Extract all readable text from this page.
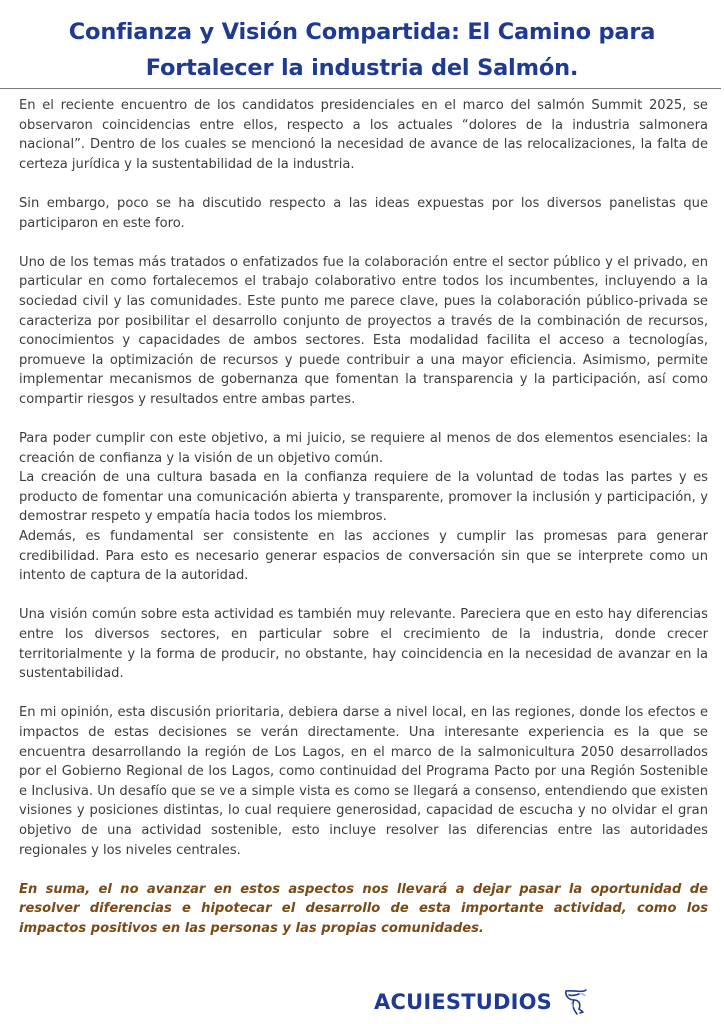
Confianza y Visión Compartida: El Camino para Fortalecer la industria del Salmón.

En el reciente encuentro de los candidatos presidenciales en el marco del salmón Summit 2025, se observaron coincidencias entre ellos, respecto a los actuales “dolores de la industria salmonera nacional”. Dentro de los cuales se mencionó la necesidad de avance de las relocalizaciones, la falta de certeza jurídica y la sustentabilidad de la industria.

Sin embargo, poco se ha discutido respecto a las ideas expuestas por los diversos panelistas que participaron en este foro.

Uno de los temas más tratados o enfatizados fue la colaboración entre el sector público y el privado, en particular en como fortalecemos el trabajo colaborativo entre todos los incumbentes, incluyendo a la sociedad civil y las comunidades. Este punto me parece clave, pues la colaboración público-privada se caracteriza por posibilitar el desarrollo conjunto de proyectos a través de la combinación de recursos, conocimientos y capacidades de ambos sectores. Esta modalidad facilita el acceso a tecnologías, promueve la optimización de recursos y puede contribuir a una mayor eficiencia. Asimismo, permite implementar mecanismos de gobernanza que fomentan la transparencia y la participación, así como compartir riesgos y resultados entre ambas partes.

Para poder cumplir con este objetivo, a mi juicio, se requiere al menos de dos elementos esenciales: la creación de confianza y la visión de un objetivo común.

La creación de una cultura basada en la confianza requiere de la voluntad de todas las partes y es producto de fomentar una comunicación abierta y transparente, promover la inclusión y participación, y demostrar respeto y empatía hacia todos los miembros.

Además, es fundamental ser consistente en las acciones y cumplir las promesas para generar credibilidad. Para esto es necesario generar espacios de conversación sin que se interprete como un intento de captura de la autoridad.

Una visión común sobre esta actividad es también muy relevante. Pareciera que en esto hay diferencias entre los diversos sectores, en particular sobre el crecimiento de la industria, donde crecer territorialmente y la forma de producir, no obstante, hay coincidencia en la necesidad de avanzar en la sustentabilidad.

En mi opinión, esta discusión prioritaria, debiera darse a nivel local, en las regiones, donde los efectos e impactos de estas decisiones se verán directamente. Una interesante experiencia es la que se encuentra desarrollando la región de Los Lagos, en el marco de la salmonicultura 2050 desarrollados por el Gobierno Regional de los Lagos, como continuidad del Programa Pacto por una Región Sostenible e Inclusiva. Un desafío que se ve a simple vista es como se llegará a consenso, entendiendo que existen visiones y posiciones distintas, lo cual requiere generosidad, capacidad de escucha y no olvidar el gran objetivo de una actividad sostenible, esto incluye resolver las diferencias entre las autoridades regionales y los niveles centrales.

En suma, el no avanzar en estos aspectos nos llevará a dejar pasar la oportunidad de resolver diferencias e hipotecar el desarrollo de esta importante actividad, como los impactos positivos en las personas y las propias comunidades.

ACUIESTUDIOS
